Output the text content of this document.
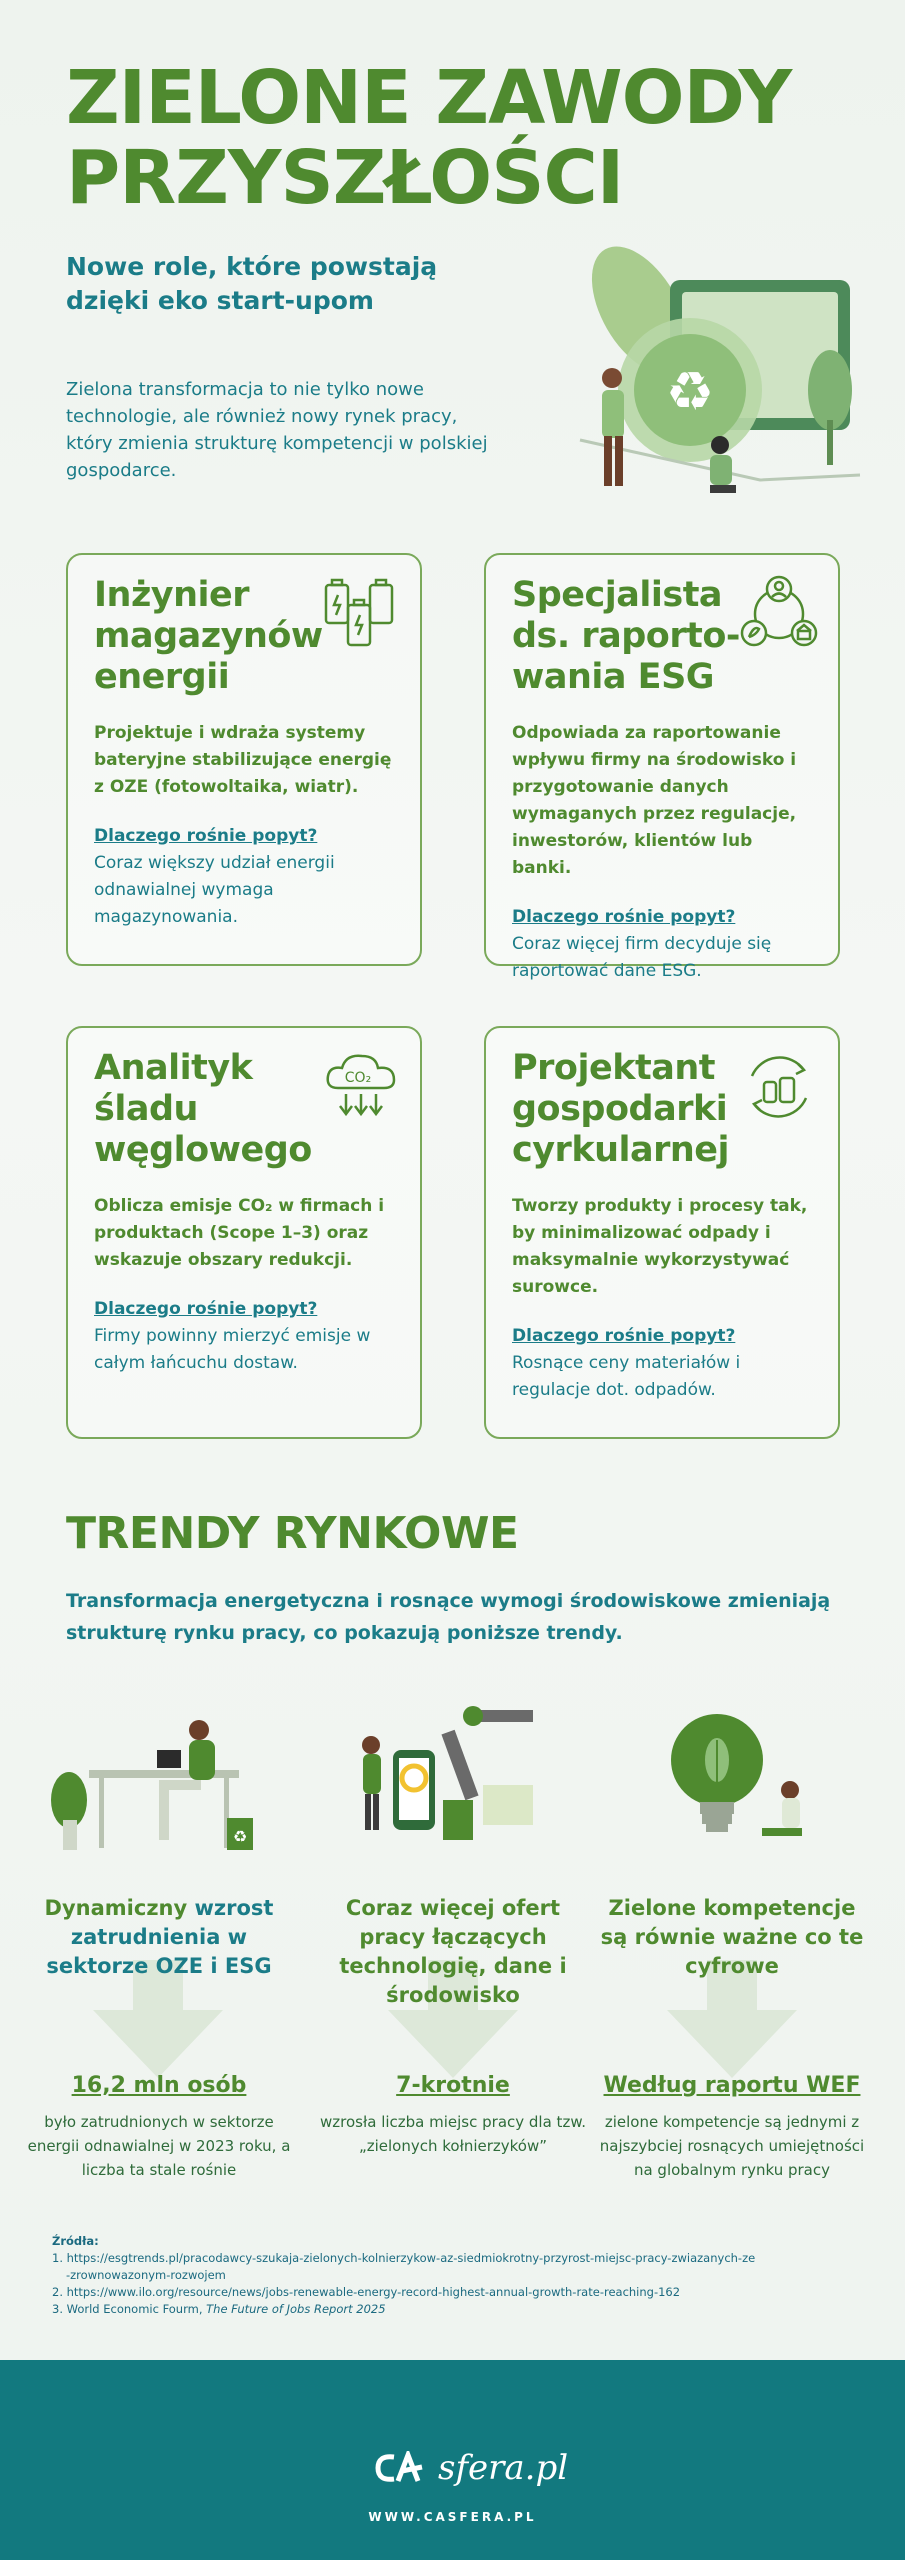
ZIELONE ZAWODY
PRZYSZŁOŚCI
Nowe role, które powstają dzięki eko start-upom
Zielona transformacja to nie tylko nowe technologie, ale również nowy rynek pracy, który zmienia strukturę kompetencji w polskiej gospodarce.
♻
Inżynier magazynów energii
Projektuje i wdraża systemy bateryjne stabilizujące energię z OZE (fotowoltaika, wiatr).
Dlaczego rośnie popyt?
Coraz większy udział energii odnawialnej wymaga magazynowania.
Specjalista ds. raporto-wania ESG
Odpowiada za raportowanie wpływu firmy na środowisko i przygotowanie danych wymaganych przez regulacje, inwestorów, klientów lub banki.
Dlaczego rośnie popyt?
Coraz więcej firm decyduje się raportować dane ESG.
Analityk śladu węglowego
CO₂
Oblicza emisje CO₂ w firmach i produktach (Scope 1–3) oraz wskazuje obszary redukcji.
Dlaczego rośnie popyt?
Firmy powinny mierzyć emisje w całym łańcuchu dostaw.
Projektant gospodarki cyrkularnej
Tworzy produkty i procesy tak, by minimalizować odpady i maksymalnie wykorzystywać surowce.
Dlaczego rośnie popyt?
Rosnące ceny materiałów i regulacje dot. odpadów.
TRENDY RYNKOWE
Transformacja energetyczna i rosnące wymogi środowiskowe zmieniają strukturę rynku pracy, co pokazują poniższe trendy.
♻
Dynamiczny wzrost zatrudnienia w sektorze OZE i ESG
16,2 mln osób
było zatrudnionych w sektorze energii odnawialnej w 2023 roku, a liczba ta stale rośnie
Coraz więcej ofert pracy łączących technologię, dane i środowisko
7-krotnie
wzrosła liczba miejsc pracy dla tzw. „zielonych kołnierzyków”
Zielone kompetencje są równie ważne co te cyfrowe
Według raportu WEF
zielone kompetencje są jednymi z najszybciej rosnących umiejętności na globalnym rynku pracy
Źródła:
1. https://esgtrends.pl/pracodawcy-szukaja-zielonych-kolnierzykow-az-siedmiokrotny-przyrost-miejsc-pracy-zwiazanych-ze
-zrownowazonym-rozwojem
2. https://www.ilo.org/resource/news/jobs-renewable-energy-record-highest-annual-growth-rate-reaching-162
3. World Economic Fourm, The Future of Jobs Report 2025
sfera.pl
WWW.CASFERA.PL
